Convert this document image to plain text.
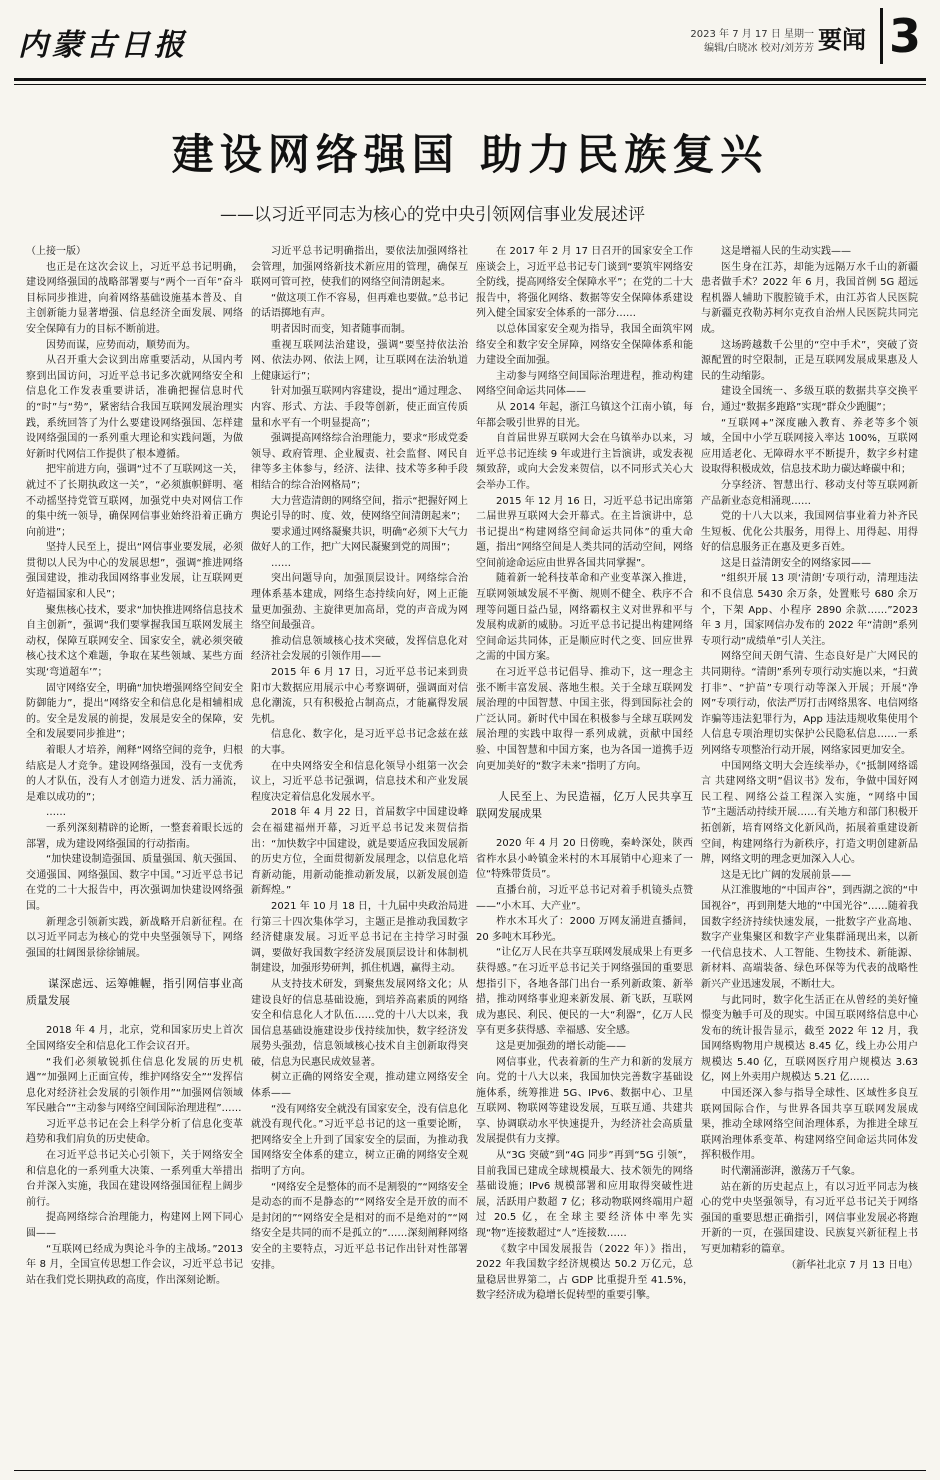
内蒙古日报	2023 年 7 月 17 日 星期一
编辑/白晓冰 校对/刘芳芳 要闻 3
建设网络强国 助力民族复兴
——以习近平同志为核心的党中央引领网信事业发展述评

（上接一版）

也正是在这次会议上，习近平总书记明确，建设网络强国的战略部署要与“两个一百年”奋斗目标同步推进，向着网络基础设施基本普及、自主创新能力显著增强、信息经济全面发展、网络安全保障有力的目标不断前进。

因势而谋，应势而动，顺势而为。

从召开重大会议到出席重要活动，从国内考察到出国访问，习近平总书记多次就网络安全和信息化工作发表重要讲话，准确把握信息时代的“时”与“势”，紧密结合我国互联网发展治理实践，系统回答了为什么要建设网络强国、怎样建设网络强国的一系列重大理论和实践问题，为做好新时代网信工作提供了根本遵循。

把牢前进方向，强调“过不了互联网这一关，就过不了长期执政这一关”，“必须旗帜鲜明、毫不动摇坚持党管互联网，加强党中央对网信工作的集中统一领导，确保网信事业始终沿着正确方向前进”；

坚持人民至上，提出“网信事业要发展，必须贯彻以人民为中心的发展思想”，强调“推进网络强国建设，推动我国网络事业发展，让互联网更好造福国家和人民”；

聚焦核心技术，要求“加快推进网络信息技术自主创新”，强调“我们要掌握我国互联网发展主动权，保障互联网安全、国家安全，就必须突破核心技术这个难题，争取在某些领域、某些方面实现‘弯道超车’”；

固守网络安全，明确“加快增强网络空间安全防御能力”，提出“网络安全和信息化是相辅相成的。安全是发展的前提，发展是安全的保障，安全和发展要同步推进”；

着眼人才培养，阐释“网络空间的竞争，归根结底是人才竞争。建设网络强国，没有一支优秀的人才队伍，没有人才创造力迸发、活力涌流，是难以成功的”；

……

一系列深刻精辟的论断，一整套着眼长远的部署，成为建设网络强国的行动指南。

“加快建设制造强国、质量强国、航天强国、交通强国、网络强国、数字中国。”习近平总书记在党的二十大报告中，再次强调加快建设网络强国。

新理念引领新实践，新战略开启新征程。在以习近平同志为核心的党中央坚强领导下，网络强国的壮阔图景徐徐铺展。

谋深虑远、运筹帷幄，指引网信事业高质量发展

2018 年 4 月，北京，党和国家历史上首次全国网络安全和信息化工作会议召开。

“我们必须敏锐抓住信息化发展的历史机遇”“加强网上正面宣传，维护网络安全”“发挥信息化对经济社会发展的引领作用”“加强网信领域军民融合”“主动参与网络空间国际治理进程”……

习近平总书记在会上科学分析了信息化变革趋势和我们肩负的历史使命。

在习近平总书记关心引领下，关于网络安全和信息化的一系列重大决策、一系列重大举措出台并深入实施，我国在建设网络强国征程上阔步前行。

提高网络综合治理能力，构建网上网下同心圆——

“互联网已经成为舆论斗争的主战场。”2013 年 8 月，全国宣传思想工作会议，习近平总书记站在我们党长期执政的高度，作出深刻论断。

习近平总书记明确指出，要依法加强网络社会管理，加强网络新技术新应用的管理，确保互联网可管可控，使我们的网络空间清朗起来。

“做这项工作不容易，但再难也要做。”总书记的话语掷地有声。

明者因时而变，知者随事而制。

重视互联网法治建设，强调“要坚持依法治网、依法办网、依法上网，让互联网在法治轨道上健康运行”；

针对加强互联网内容建设，提出“通过理念、内容、形式、方法、手段等创新，使正面宣传质量和水平有一个明显提高”；

强调提高网络综合治理能力，要求“形成党委领导、政府管理、企业履责、社会监督、网民自律等多主体参与，经济、法律、技术等多种手段相结合的综合治网格局”；

大力营造清朗的网络空间，指示“把握好网上舆论引导的时、度、效，使网络空间清朗起来”；

要求通过网络凝聚共识，明确“必须下大气力做好人的工作，把广大网民凝聚到党的周围”；

……

突出问题导向，加强顶层设计。网络综合治理体系基本建成，网络生态持续向好，网上正能量更加强劲、主旋律更加高昂，党的声音成为网络空间最强音。

推动信息领域核心技术突破，发挥信息化对经济社会发展的引领作用——

2015 年 6 月 17 日，习近平总书记来到贵阳市大数据应用展示中心考察调研，强调面对信息化潮流，只有积极抢占制高点，才能赢得发展先机。

信息化、数字化，是习近平总书记念兹在兹的大事。

在中央网络安全和信息化领导小组第一次会议上，习近平总书记强调，信息技术和产业发展程度决定着信息化发展水平。

2018 年 4 月 22 日，首届数字中国建设峰会在福建福州开幕，习近平总书记发来贺信指出：“加快数字中国建设，就是要适应我国发展新的历史方位，全面贯彻新发展理念，以信息化培育新动能，用新动能推动新发展，以新发展创造新辉煌。”

2021 年 10 月 18 日，十九届中央政治局进行第三十四次集体学习，主题正是推动我国数字经济健康发展。习近平总书记在主持学习时强调，要做好我国数字经济发展顶层设计和体制机制建设，加强形势研判，抓住机遇，赢得主动。

从支持技术研发，到聚焦发展网络文化；从建设良好的信息基础设施，到培养高素质的网络安全和信息化人才队伍……党的十八大以来，我国信息基础设施建设步伐持续加快，数字经济发展势头强劲，信息领域核心技术自主创新取得突破，信息为民惠民成效显著。

树立正确的网络安全观，推动建立网络安全体系——

“没有网络安全就没有国家安全，没有信息化就没有现代化。”习近平总书记的这一重要论断，把网络安全上升到了国家安全的层面，为推动我国网络安全体系的建立，树立正确的网络安全观指明了方向。

“网络安全是整体的而不是割裂的”“网络安全是动态的而不是静态的”“网络安全是开放的而不是封闭的”“网络安全是相对的而不是绝对的”“网络安全是共同的而不是孤立的”……深刻阐释网络安全的主要特点，习近平总书记作出针对性部署安排。

在 2017 年 2 月 17 日召开的国家安全工作座谈会上，习近平总书记专门谈到“要筑牢网络安全防线，提高网络安全保障水平”；在党的二十大报告中，将强化网络、数据等安全保障体系建设列入健全国家安全体系的一部分……

以总体国家安全观为指导，我国全面筑牢网络安全和数字安全屏障，网络安全保障体系和能力建设全面加强。

主动参与网络空间国际治理进程，推动构建网络空间命运共同体——

从 2014 年起，浙江乌镇这个江南小镇，每年都会吸引世界的目光。

自首届世界互联网大会在乌镇举办以来，习近平总书记连续 9 年或进行主旨演讲，或发表视频致辞，或向大会发来贺信，以不同形式关心大会举办工作。

2015 年 12 月 16 日，习近平总书记出席第二届世界互联网大会开幕式。在主旨演讲中，总书记提出“构建网络空间命运共同体”的重大命题，指出“网络空间是人类共同的活动空间，网络空间前途命运应由世界各国共同掌握”。

随着新一轮科技革命和产业变革深入推进，互联网领域发展不平衡、规则不健全、秩序不合理等问题日益凸显，网络霸权主义对世界和平与发展构成新的威胁。习近平总书记提出构建网络空间命运共同体，正是顺应时代之变、回应世界之需的中国方案。

在习近平总书记倡导、推动下，这一理念主张不断丰富发展、落地生根。关于全球互联网发展治理的中国智慧、中国主张，得到国际社会的广泛认同。新时代中国在积极参与全球互联网发展治理的实践中取得一系列成就，贡献中国经验、中国智慧和中国方案，也为各国一道携手迈向更加美好的“数字未来”指明了方向。

人民至上、为民造福，亿万人民共享互联网发展成果

2020 年 4 月 20 日傍晚，秦岭深处，陕西省柞水县小岭镇金米村的木耳展销中心迎来了一位“特殊带货员”。

直播台前，习近平总书记对着手机镜头点赞——“小木耳、大产业”。

柞水木耳火了：2000 万网友涌进直播间，20 多吨木耳秒光。

“让亿万人民在共享互联网发展成果上有更多获得感。”在习近平总书记关于网络强国的重要思想指引下，各地各部门出台一系列新政策、新举措，推动网络事业迎来新发展、新飞跃，互联网成为惠民、利民、便民的一大“利器”，亿万人民享有更多获得感、幸福感、安全感。

这是更加强劲的增长动能——

网信事业，代表着新的生产力和新的发展方向。党的十八大以来，我国加快完善数字基础设施体系，统筹推进 5G、IPv6、数据中心、卫星互联网、物联网等建设发展，互联互通、共建共享、协调联动水平快速提升，为经济社会高质量发展提供有力支撑。

从“3G 突破”到“4G 同步”再到“5G 引领”，目前我国已建成全球规模最大、技术领先的网络基础设施；IPv6 规模部署和应用取得突破性进展，活跃用户数超 7 亿；移动物联网终端用户超过 20.5 亿，在全球主要经济体中率先实现“物”连接数超过“人”连接数……

《数字中国发展报告（2022 年）》指出，2022 年我国数字经济规模达 50.2 万亿元，总量稳居世界第二，占 GDP 比重提升至 41.5%，数字经济成为稳增长促转型的重要引擎。

这是增福人民的生动实践——

医生身在江苏，却能为远隔万水千山的新疆患者做手术？2022 年 6 月，我国首例 5G 超远程机器人辅助下腹腔镜手术，由江苏省人民医院与新疆克孜勒苏柯尔克孜自治州人民医院共同完成。

这场跨越数千公里的“空中手术”，突破了资源配置的时空限制，正是互联网发展成果惠及人民的生动缩影。

建设全国统一、多级互联的数据共享交换平台，通过“数据多跑路”实现“群众少跑腿”；

“互联网+”深度融入教育、养老等多个领域，全国中小学互联网接入率达 100%，互联网应用适老化、无障碍水平不断提升，数字乡村建设取得积极成效，信息技术助力碳达峰碳中和；

分享经济、智慧出行、移动支付等互联网新产品新业态竞相涌现……

党的十八大以来，我国网信事业着力补齐民生短板、优化公共服务，用得上、用得起、用得好的信息服务正在惠及更多百姓。

这是日益清朗安全的网络家园——

“组织开展 13 项‘清朗’专项行动，清理违法和不良信息 5430 余万条，处置账号 680 余万个，下架 App、小程序 2890 余款……”2023 年 3 月，国家网信办发布的 2022 年“清朗”系列专项行动“成绩单”引人关注。

网络空间天朗气清、生态良好是广大网民的共同期待。“清朗”系列专项行动实施以来，“扫黄打非”、“护苗”专项行动等深入开展；开展“净网”专项行动，依法严厉打击网络黑客、电信网络诈骗等违法犯罪行为，App 违法违规收集使用个人信息专项治理切实保护公民隐私信息……一系列网络专项整治行动开展，网络家园更加安全。

中国网络文明大会连续举办，《“抵制网络谣言 共建网络文明”倡议书》发布，争做中国好网民工程、网络公益工程深入实施，“网络中国节”主题活动持续开展……有关地方和部门积极开拓创新，培育网络文化新风尚，拓展着重建设新空间，构建网络行为新秩序，打造文明创建新品牌，网络文明的理念更加深入人心。

这是无比广阔的发展前景——

从江淮腹地的“中国声谷”，到西湖之滨的“中国视谷”，再到荆楚大地的“中国光谷”……随着我国数字经济持续快速发展，一批数字产业高地、数字产业集聚区和数字产业集群涌现出来，以新一代信息技术、人工智能、生物技术、新能源、新材料、高端装备、绿色环保等为代表的战略性新兴产业迅速发展，不断壮大。

与此同时，数字化生活正在从曾经的美好憧憬变为触手可及的现实。中国互联网络信息中心发布的统计报告显示，截至 2022 年 12 月，我国网络购物用户规模达 8.45 亿，线上办公用户规模达 5.40 亿，互联网医疗用户规模达 3.63 亿，网上外卖用户规模达 5.21 亿……

中国还深入参与指导全球性、区域性多良互联网国际合作，与世界各国共享互联网发展成果，推动全球网络空间治理体系，为推进全球互联网治理体系变革、构建网络空间命运共同体发挥积极作用。

时代潮涌澎湃，激荡万千气象。

站在新的历史起点上，有以习近平同志为核心的党中央坚强领导，有习近平总书记关于网络强国的重要思想正确指引，网信事业发展必将跑开新的一页，在强国建设、民族复兴新征程上书写更加精彩的篇章。

（新华社北京 7 月 13 日电）
